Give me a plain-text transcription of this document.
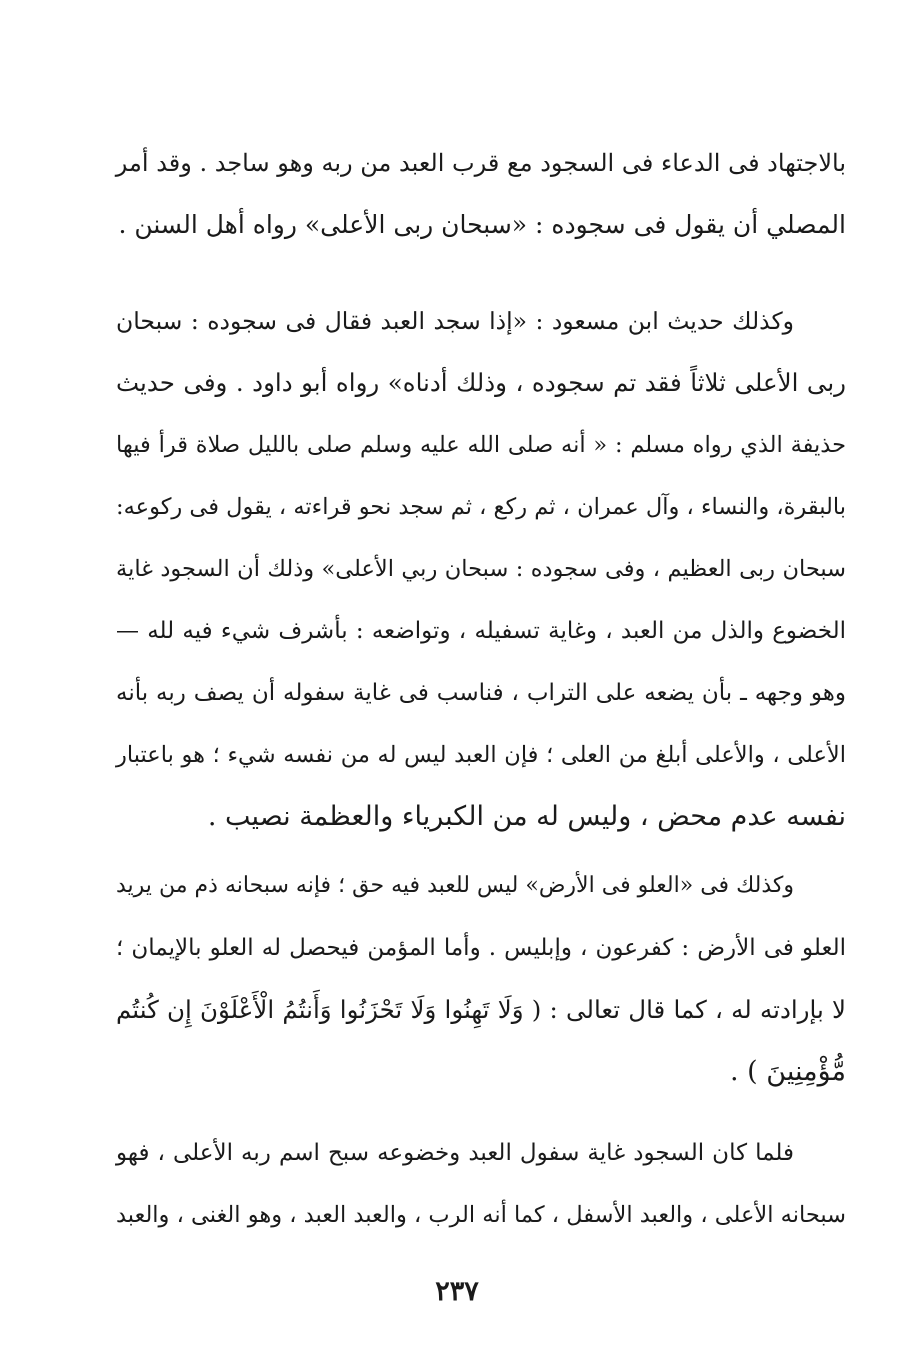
بالاجتهاد فى الدعاء فى السجود مع قرب العبد من ربه وهو ساجد . وقد أمر
المصلي أن يقول فى سجوده : «سبحان ربى الأعلى» رواه أهل السنن .
وكذلك حديث ابن مسعود : «إذا سجد العبد فقال فى سجوده : سبحان
ربى الأعلى ثلاثاً فقد تم سجوده ، وذلك أدناه» رواه أبو داود . وفى حديث
حذيفة الذي رواه مسلم : « أنه صلى الله عليه وسلم صلى بالليل صلاة قرأ فيها
بالبقرة، والنساء ، وآل عمران ، ثم ركع ، ثم سجد نحو قراءته ، يقول فى ركوعه:
سبحان ربى العظيم ، وفى سجوده : سبحان ربي الأعلى» وذلك أن السجود غاية
الخضوع والذل من العبد ، وغاية تسفيله ، وتواضعه : بأشرف شيء فيه لله —
وهو وجهه ـ بأن يضعه على التراب ، فناسب فى غاية سفوله أن يصف ربه بأنه
الأعلى ، والأعلى أبلغ من العلى ؛ فإن العبد ليس له من نفسه شيء ؛ هو باعتبار
نفسه عدم محض ، وليس له من الكبرياء والعظمة نصيب .
وكذلك فى «العلو فى الأرض» ليس للعبد فيه حق ؛ فإنه سبحانه ذم من يريد
العلو فى الأرض : كفرعون ، وإبليس . وأما المؤمن فيحصل له العلو بالإيمان ؛
لا بإرادته له ، كما قال تعالى : ( وَلَا تَهِنُوا وَلَا تَحْزَنُوا وَأَنتُمُ الْأَعْلَوْنَ إِن كُنتُم
مُّؤْمِنِينَ ) .
فلما كان السجود غاية سفول العبد وخضوعه سبح اسم ربه الأعلى ، فهو
سبحانه الأعلى ، والعبد الأسفل ، كما أنه الرب ، والعبد العبد ، وهو الغنى ، والعبد
٢٣٧
